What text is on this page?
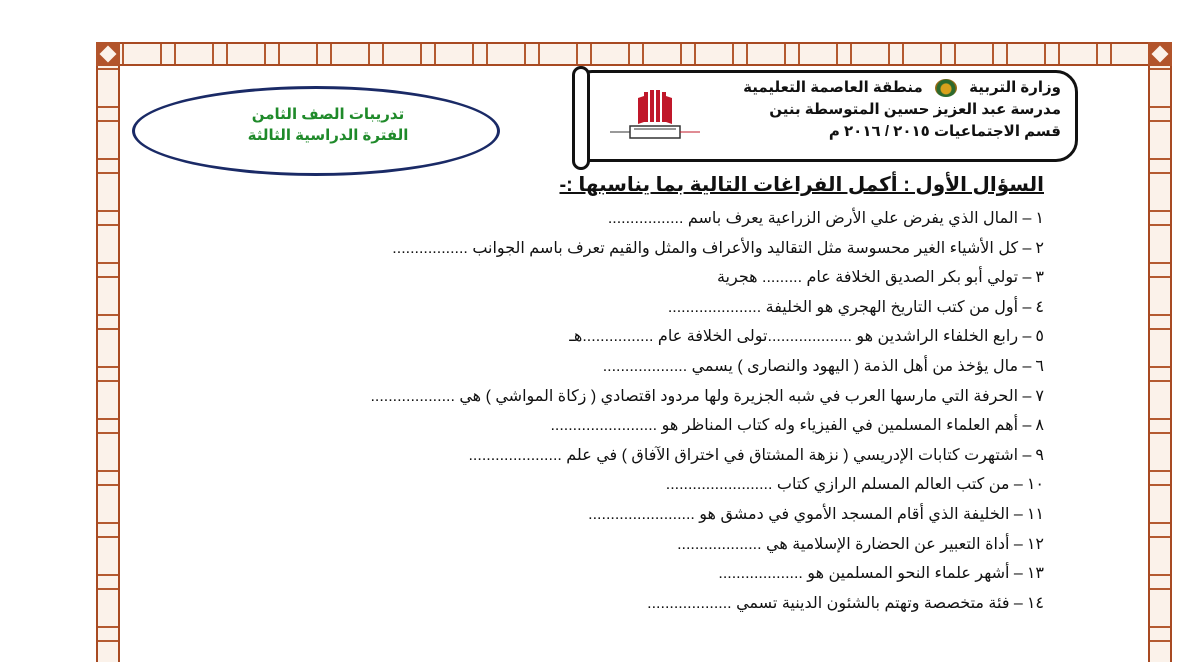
تدريبات الصف الثامن
الفترة الدراسية الثالثة
وزارة التربية  منطقة العاصمة التعليمية
مدرسة عبد العزيز حسين المتوسطة بنين
قسم الاجتماعيات ٢٠١٥ / ٢٠١٦ م
السؤال الأول : أكمل الفراغات التالية بما يناسبها :-
١– المال الذي يفرض علي الأرض الزراعية يعرف باسم .................
٢– كل الأشياء الغير محسوسة مثل التقاليد والأعراف والمثل والقيم تعرف باسم الجوانب .................
٣– تولي أبو بكر الصديق الخلافة عام ......... هجرية
٤– أول من كتب التاريخ الهجري هو الخليفة .....................
٥– رابع الخلفاء الراشدين هو ...................تولى الخلافة عام ................هـ
٦– مال يؤخذ من أهل الذمة ( اليهود والنصارى ) يسمي ...................
٧– الحرفة التي مارسها العرب في شبه الجزيرة ولها مردود اقتصادي ( زكاة المواشي ) هي ...................
٨– أهم العلماء المسلمين في الفيزياء وله كتاب المناظر هو ........................
٩– اشتهرت كتابات الإدريسي ( نزهة المشتاق في اختراق الآفاق ) في علم .....................
١٠– من كتب العالم المسلم الرازي كتاب ........................
١١– الخليفة الذي أقام المسجد الأموي في دمشق هو ........................
١٢– أداة التعبير عن الحضارة الإسلامية هي ...................
١٣– أشهر علماء النحو المسلمين هو ...................
١٤– فئة متخصصة وتهتم بالشئون الدينية تسمي ...................
